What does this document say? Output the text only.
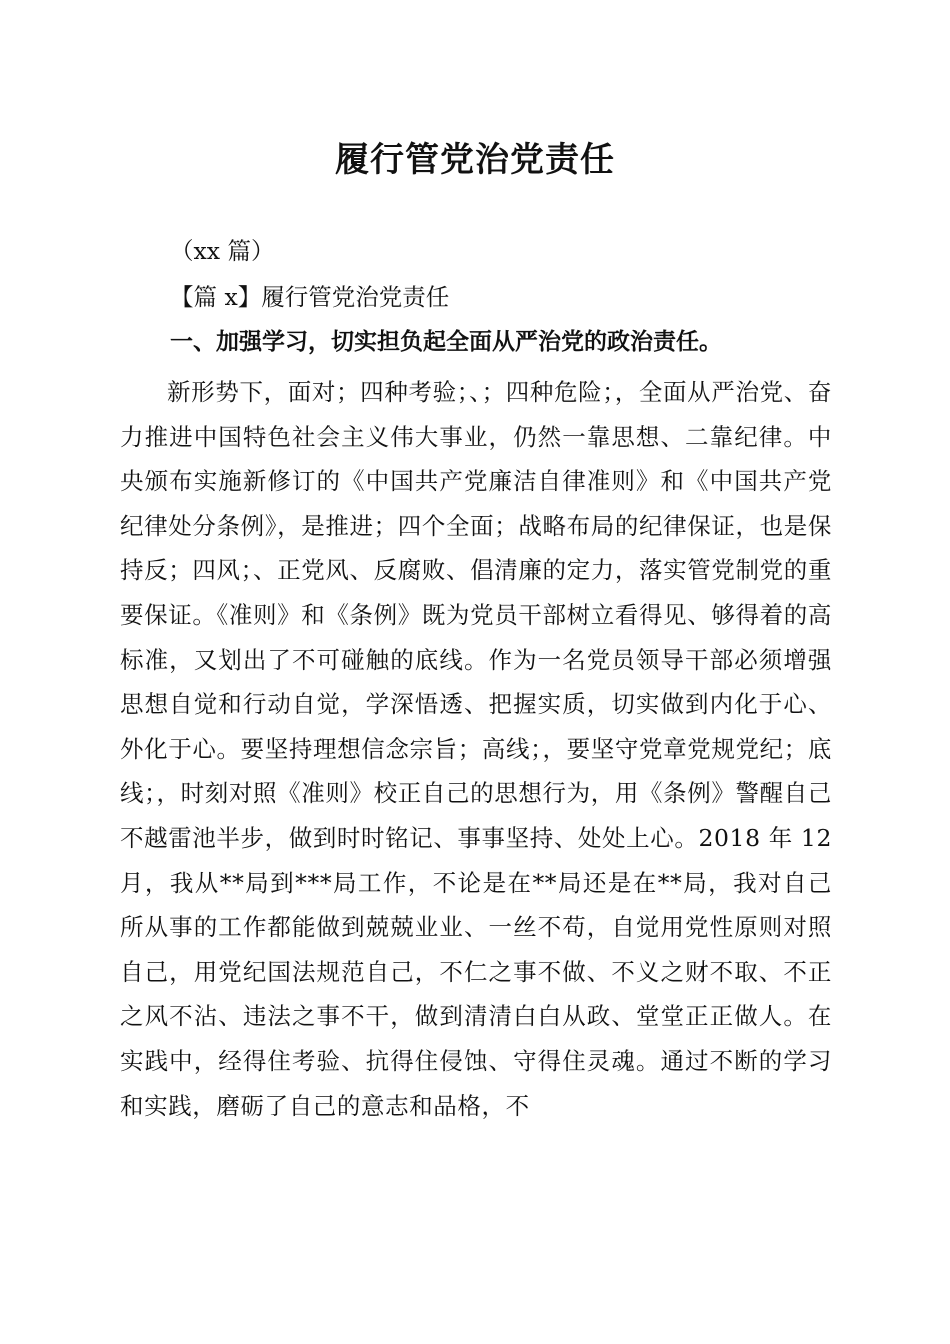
履行管党治党责任
（xx 篇）
【篇 x】履行管党治党责任
一、加强学习，切实担负起全面从严治党的政治责任。
新形势下，面对；四种考验；、；四种危险；，全面从严治党、奋力推进中国特色社会主义伟大事业，仍然一靠思想、二靠纪律。中央颁布实施新修订的《中国共产党廉洁自律准则》和《中国共产党纪律处分条例》，是推进；四个全面；战略布局的纪律保证，也是保持反；四风；、正党风、反腐败、倡清廉的定力，落实管党制党的重要保证。《准则》和《条例》既为党员干部树立看得见、够得着的高标准，又划出了不可碰触的底线。作为一名党员领导干部必须增强思想自觉和行动自觉，学深悟透、把握实质，切实做到内化于心、外化于心。要坚持理想信念宗旨；高线；，要坚守党章党规党纪；底线；，时刻对照《准则》校正自己的思想行为，用《条例》警醒自己不越雷池半步，做到时时铭记、事事坚持、处处上心。2018 年 12 月，我从**局到***局工作，不论是在**局还是在**局，我对自己所从事的工作都能做到兢兢业业、一丝不苟，自觉用党性原则对照自己，用党纪国法规范自己，不仁之事不做、不义之财不取、不正之风不沾、违法之事不干，做到清清白白从政、堂堂正正做人。在实践中，经得住考验、抗得住侵蚀、守得住灵魂。通过不断的学习和实践，磨砺了自己的意志和品格，不
